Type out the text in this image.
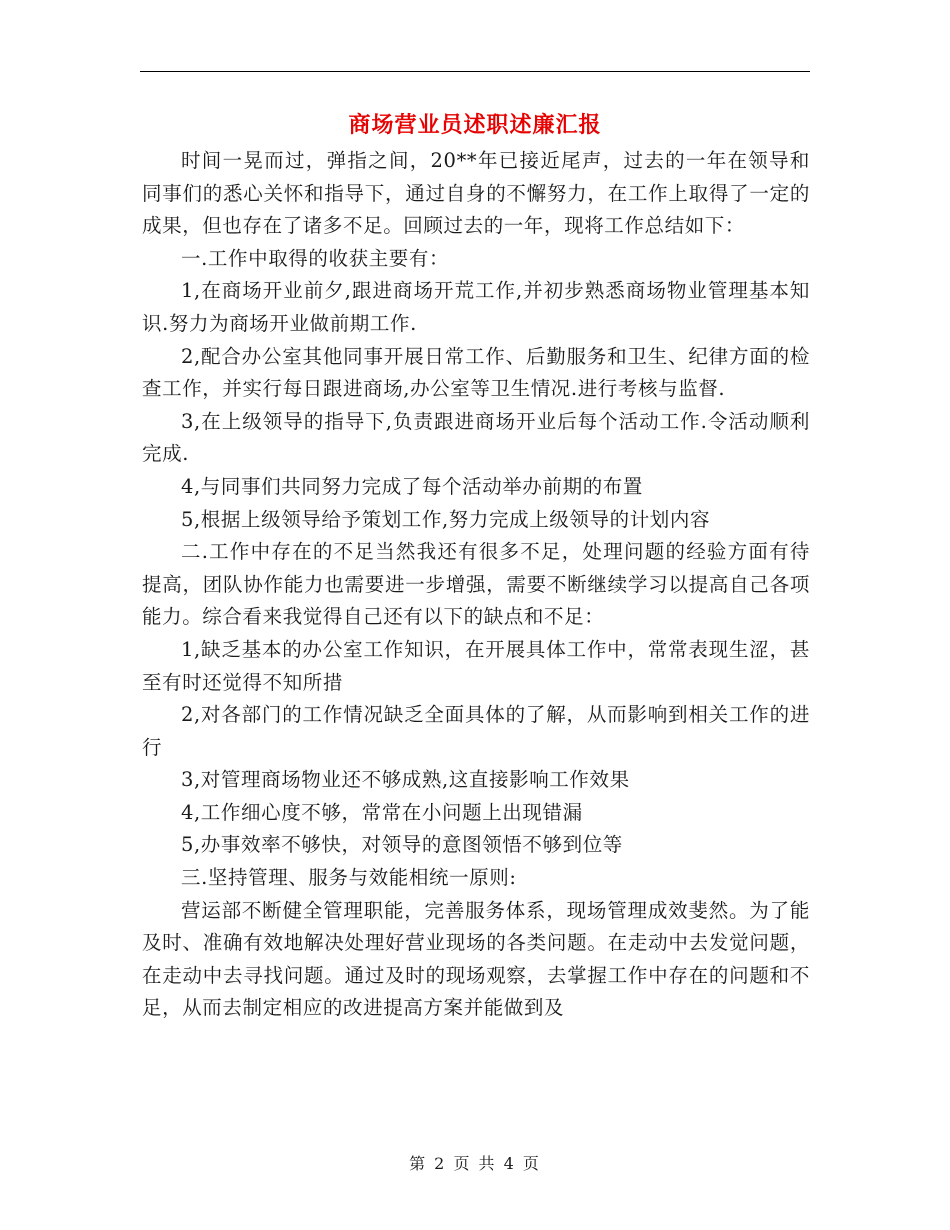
商场营业员述职述廉汇报

时间一晃而过，弹指之间，20**年已接近尾声，过去的一年在领导和同事们的悉心关怀和指导下，通过自身的不懈努力，在工作上取得了一定的成果，但也存在了诸多不足。回顾过去的一年，现将工作总结如下：

一.工作中取得的收获主要有：

1,在商场开业前夕,跟进商场开荒工作,并初步熟悉商场物业管理基本知识.努力为商场开业做前期工作.

2,配合办公室其他同事开展日常工作、后勤服务和卫生、纪律方面的检查工作，并实行每日跟进商场,办公室等卫生情况.进行考核与监督.

3,在上级领导的指导下,负责跟进商场开业后每个活动工作.令活动顺利完成.

4,与同事们共同努力完成了每个活动举办前期的布置

5,根据上级领导给予策划工作,努力完成上级领导的计划内容

二.工作中存在的不足当然我还有很多不足，处理问题的经验方面有待提高，团队协作能力也需要进一步增强，需要不断继续学习以提高自己各项能力。综合看来我觉得自己还有以下的缺点和不足：

1,缺乏基本的办公室工作知识，在开展具体工作中，常常表现生涩，甚至有时还觉得不知所措

2,对各部门的工作情况缺乏全面具体的了解，从而影响到相关工作的进行

3,对管理商场物业还不够成熟,这直接影响工作效果

4,工作细心度不够，常常在小问题上出现错漏

5,办事效率不够快，对领导的意图领悟不够到位等

三.坚持管理、服务与效能相统一原则:

营运部不断健全管理职能，完善服务体系，现场管理成效斐然。为了能及时、准确有效地解决处理好营业现场的各类问题。在走动中去发觉问题，在走动中去寻找问题。通过及时的现场观察，去掌握工作中存在的问题和不足，从而去制定相应的改进提高方案并能做到及

第 2 页 共 4 页
